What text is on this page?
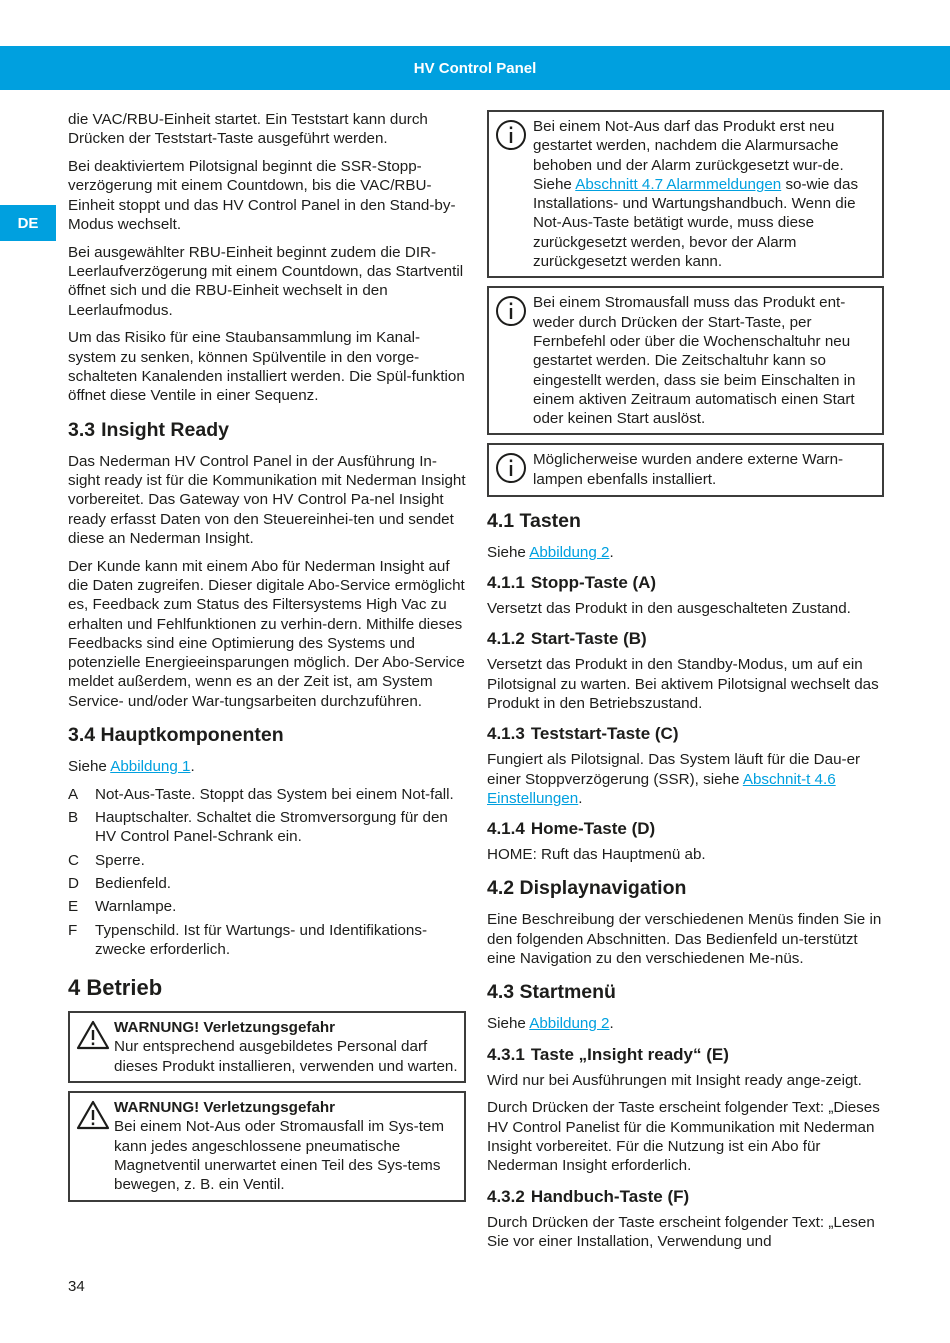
HV Control Panel
DE

die VAC/RBU-Einheit startet. Ein Teststart kann durch Drücken der Teststart-Taste ausgeführt werden.

Bei deaktiviertem Pilotsignal beginnt die SSR-Stopp-verzögerung mit einem Countdown, bis die VAC/RBU-Einheit stoppt und das HV Control Panel in den Stand-by-Modus wechselt.

Bei ausgewählter RBU-Einheit beginnt zudem die DIR-Leerlaufverzögerung mit einem Countdown, das Startventil öffnet sich und die RBU-Einheit wechselt in den Leerlaufmodus.

Um das Risiko für eine Staubansammlung im Kanal-system zu senken, können Spülventile in den vorge-schalteten Kanalenden installiert werden. Die Spül-funktion öffnet diese Ventile in einer Sequenz.

3.3 Insight Ready

Das Nederman HV Control Panel in der Ausführung In-sight ready ist für die Kommunikation mit Nederman Insight vorbereitet. Das Gateway von HV Control Pa-nel Insight ready erfasst Daten von den Steuereinhei-ten und sendet diese an Nederman Insight.

Der Kunde kann mit einem Abo für Nederman Insight auf die Daten zugreifen. Dieser digitale Abo-Service ermöglicht es, Feedback zum Status des Filtersystems High Vac zu erhalten und Fehlfunktionen zu verhin-dern. Mithilfe dieses Feedbacks sind eine Optimierung des Systems und potenzielle Energieeinsparungen möglich. Der Abo-Service meldet außerdem, wenn es an der Zeit ist, am System Service- und/oder War-tungsarbeiten durchzuführen.

3.4 Hauptkomponenten

Siehe Abbildung 1.

A	Not-Aus-Taste. Stoppt das System bei einem Not-fall.
B	Hauptschalter. Schaltet die Stromversorgung für den HV Control Panel-Schrank ein.
C	Sperre.
D	Bedienfeld.
E	Warnlampe.
F	Typenschild. Ist für Wartungs- und Identifikations-zwecke erforderlich.
4 Betrieb
WARNUNG! Verletzungsgefahr
Nur entsprechend ausgebildetes Personal darf dieses Produkt installieren, verwenden und warten.
WARNUNG! Verletzungsgefahr
Bei einem Not-Aus oder Stromausfall im Sys-tem kann jedes angeschlossene pneumatische Magnetventil unerwartet einen Teil des Sys-tems bewegen, z. B. ein Ventil.
Bei einem Not-Aus darf das Produkt erst neu gestartet werden, nachdem die Alarmursache behoben und der Alarm zurückgesetzt wur-de. Siehe Abschnitt 4.7 Alarmmeldungen so-wie das Installations- und Wartungshandbuch. Wenn die Not-Aus-Taste betätigt wurde, muss diese zurückgesetzt werden, bevor der Alarm zurückgesetzt werden kann.
Bei einem Stromausfall muss das Produkt ent-weder durch Drücken der Start-Taste, per Fernbefehl oder über die Wochenschaltuhr neu gestartet werden. Die Zeitschaltuhr kann so eingestellt werden, dass sie beim Einschalten in einem aktiven Zeitraum automatisch einen Start oder keinen Start auslöst.
Möglicherweise wurden andere externe Warn-lampen ebenfalls installiert.
4.1 Tasten

Siehe Abbildung 2.

4.1.1 Stopp-Taste (A)

Versetzt das Produkt in den ausgeschalteten Zustand.

4.1.2 Start-Taste (B)

Versetzt das Produkt in den Standby-Modus, um auf ein Pilotsignal zu warten. Bei aktivem Pilotsignal wechselt das Produkt in den Betriebszustand.

4.1.3 Teststart-Taste (C)

Fungiert als Pilotsignal. Das System läuft für die Dau-er einer Stoppverzögerung (SSR), siehe Abschnit-t 4.6 Einstellungen.

4.1.4 Home-Taste (D)

HOME: Ruft das Hauptmenü ab.

4.2 Displaynavigation

Eine Beschreibung der verschiedenen Menüs finden Sie in den folgenden Abschnitten. Das Bedienfeld un-terstützt eine Navigation zu den verschiedenen Me-nüs.

4.3 Startmenü

Siehe Abbildung 2.

4.3.1 Taste „Insight ready“ (E)

Wird nur bei Ausführungen mit Insight ready ange-zeigt.

Durch Drücken der Taste erscheint folgender Text: „Dieses HV Control Panelist für die Kommunikation mit Nederman Insight vorbereitet. Für die Nutzung ist ein Abo für Nederman Insight erforderlich.

4.3.2 Handbuch-Taste (F)

Durch Drücken der Taste erscheint folgender Text: „Lesen Sie vor einer Installation, Verwendung und

34
